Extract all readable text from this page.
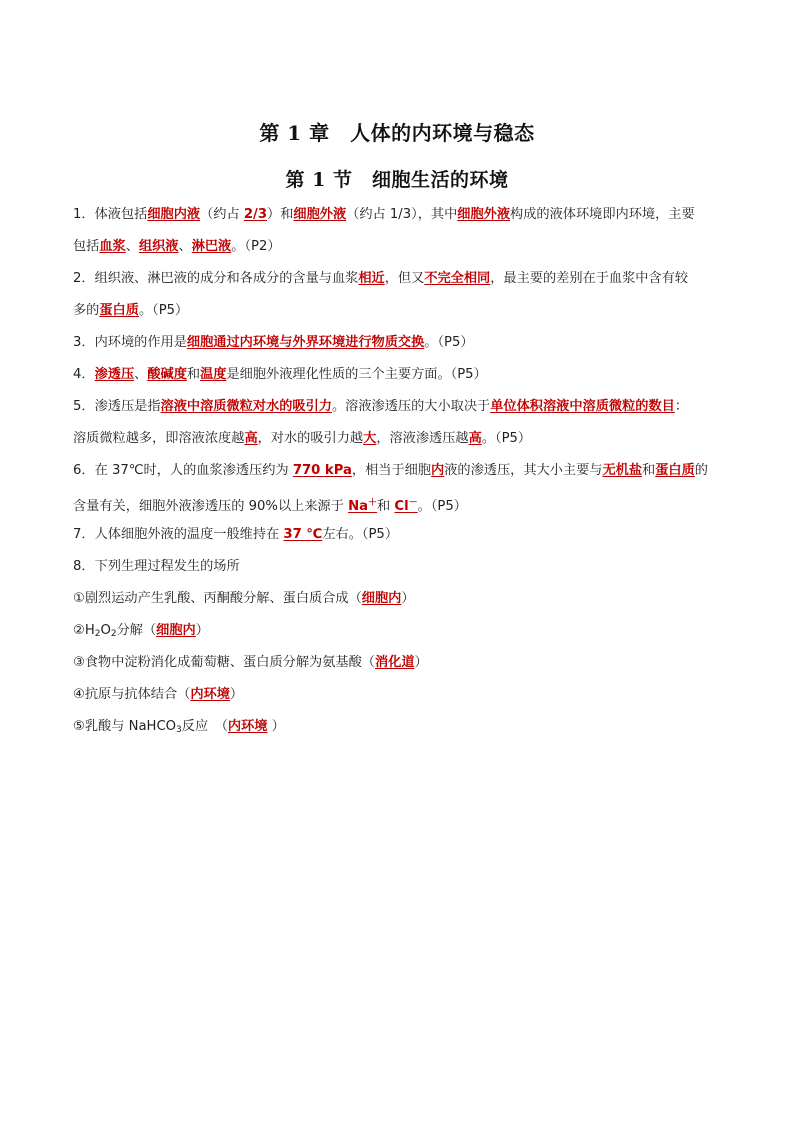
第 1 章　人体的内环境与稳态
第 1 节　细胞生活的环境
1．体液包括细胞内液（约占 2/3）和细胞外液（约占 1/3），其中细胞外液构成的液体环境即内环境，主要
包括血浆、组织液、淋巴液。（P2）
2．组织液、淋巴液的成分和各成分的含量与血浆相近，但又不完全相同，最主要的差别在于血浆中含有较
多的蛋白质。（P5）
3．内环境的作用是细胞通过内环境与外界环境进行物质交换。（P5）
4．渗透压、酸碱度和温度是细胞外液理化性质的三个主要方面。（P5）
5．渗透压是指溶液中溶质微粒对水的吸引力。溶液渗透压的大小取决于单位体积溶液中溶质微粒的数目：
溶质微粒越多，即溶液浓度越高，对水的吸引力越大，溶液渗透压越高。（P5）
6．在 37℃时，人的血浆渗透压约为 770 kPa，相当于细胞内液的渗透压，其大小主要与无机盐和蛋白质的
含量有关，细胞外液渗透压的 90%以上来源于 Na＋和 Cl－。（P5）
7．人体细胞外液的温度一般维持在 37 ℃左右。（P5）
8．下列生理过程发生的场所
①剧烈运动产生乳酸、丙酮酸分解、蛋白质合成（细胞内）
$②H_2O_2$分解（细胞内）
③食物中淀粉消化成葡萄糖、蛋白质分解为氨基酸（消化道）
④抗原与抗体结合（内环境）
⑤乳酸与 NaHCO$_3$反应　（内环境 ）
